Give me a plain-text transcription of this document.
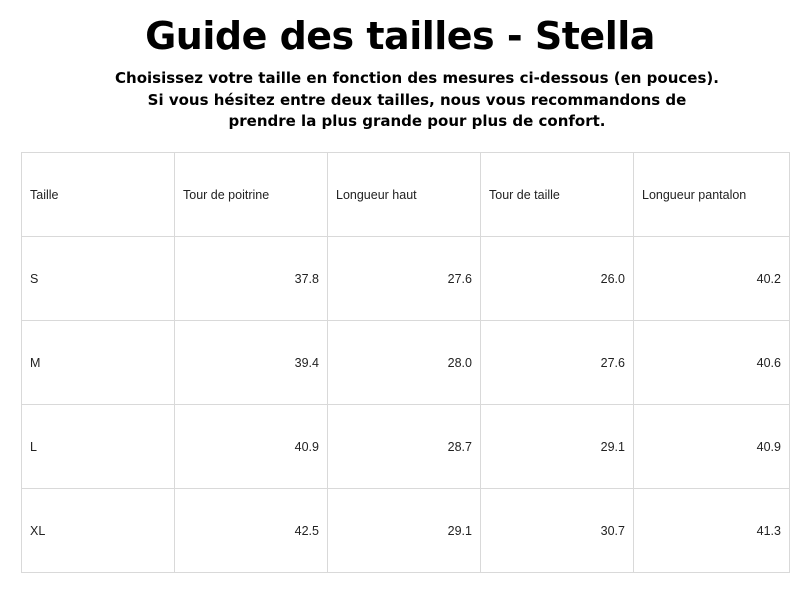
Guide des tailles - Stella

Choisissez votre taille en fonction des mesures ci-dessous (en pouces). Si vous hésitez entre deux tailles, nous vous recommandons de prendre la plus grande pour plus de confort.

Taille	Tour de poitrine	Longueur haut	Tour de taille	Longueur pantalon
S	37.8	27.6	26.0	40.2
M	39.4	28.0	27.6	40.6
L	40.9	28.7	29.1	40.9
XL	42.5	29.1	30.7	41.3
